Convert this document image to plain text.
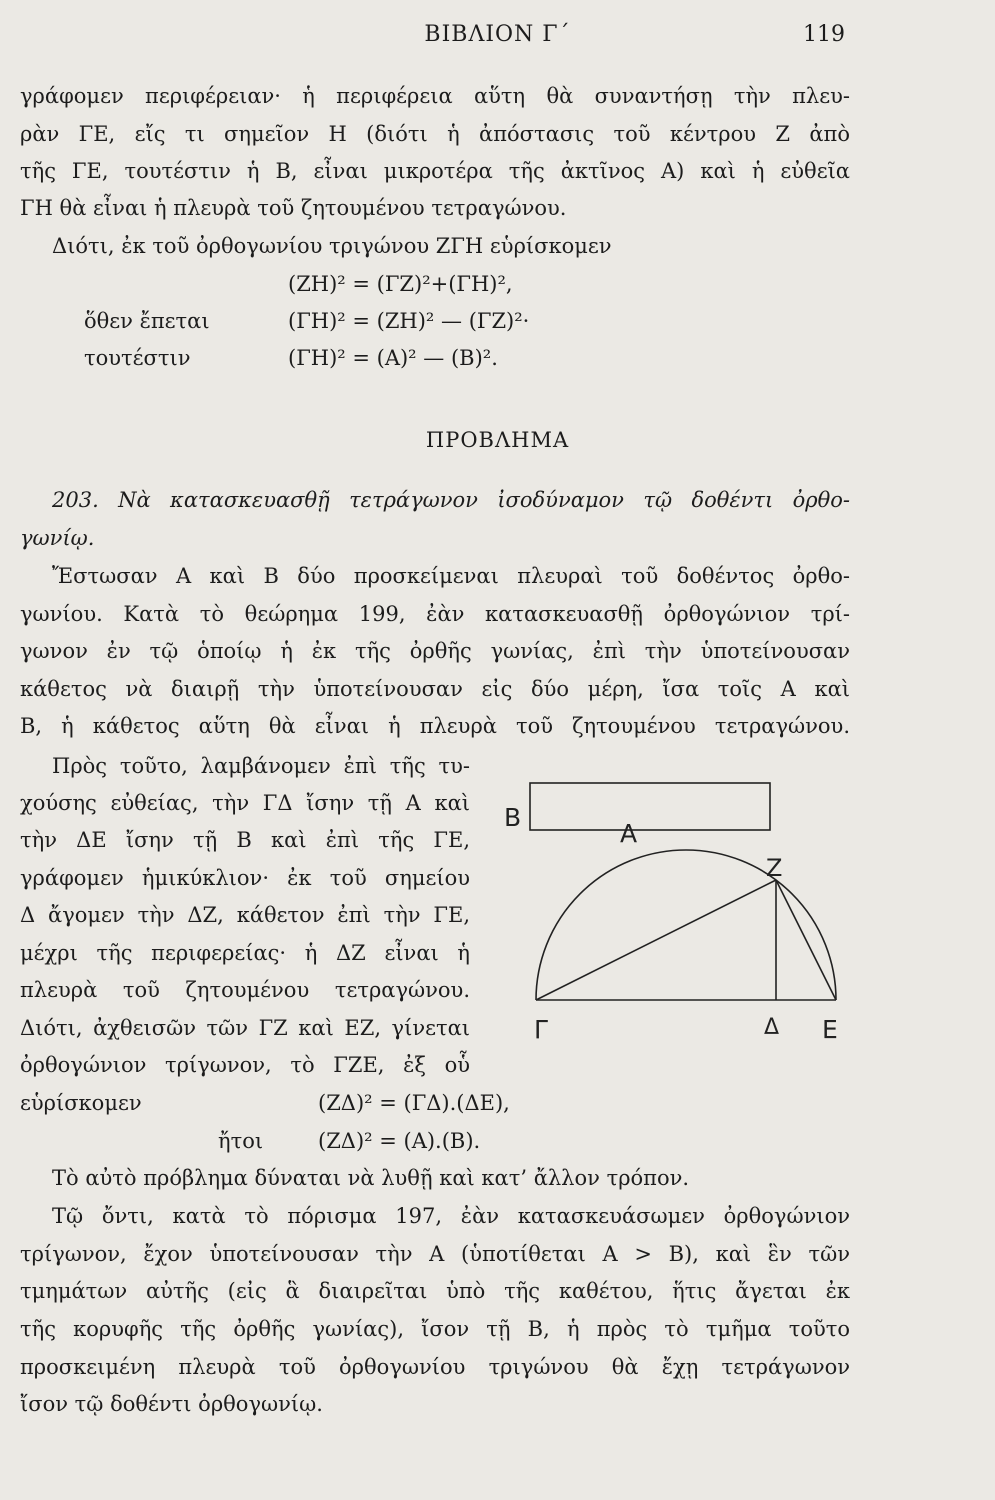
ΒΙΒΛΙΟΝ Γ΄	119
γράφομεν περιφέρειαν· ἡ περιφέρεια αὕτη θὰ συναντήσῃ τὴν πλευ-
ρὰν ΓΕ, εἴς τι σημεῖον Η (διότι ἡ ἀπόστασις τοῦ κέντρου Ζ ἀπὸ
τῆς ΓΕ, τουτέστιν ἡ Β, εἶναι μικροτέρα τῆς ἀκτῖνος Α) καὶ ἡ εὐθεῖα
ΓΗ θὰ εἶναι ἡ πλευρὰ τοῦ ζητουμένου τετραγώνου.
Διότι, ἐκ τοῦ ὀρθογωνίου τριγώνου ΖΓΗ εὑρίσκομεν
(ΖΗ)² = (ΓΖ)²+(ΓΗ)²,
ὅθεν ἔπεται	(ΓΗ)² = (ΖΗ)² — (ΓΖ)²·
τουτέστιν	(ΓΗ)² = (Α)² — (Β)².
ΠΡΟΒΛΗΜΑ
203. Νὰ κατασκευασθῇ τετράγωνον ἰσοδύναμον τῷ δοθέντι ὀρθο-
γωνίῳ.
Ἔστωσαν Α καὶ Β δύο προσκείμεναι πλευραὶ τοῦ δοθέντος ὀρθο-
γωνίου. Κατὰ τὸ θεώρημα 199, ἐὰν κατασκευασθῇ ὀρθογώνιον τρί-
γωνον ἐν τῷ ὁποίῳ ἡ ἐκ τῆς ὀρθῆς γωνίας, ἐπὶ τὴν ὑποτείνουσαν
κάθετος νὰ διαιρῇ τὴν ὑποτείνουσαν εἰς δύο μέρη, ἴσα τοῖς Α καὶ
Β, ἡ κάθετος αὕτη θὰ εἶναι ἡ πλευρὰ τοῦ ζητουμένου τετραγώνου.
Πρὸς τοῦτο, λαμβάνομεν ἐπὶ τῆς τυ-
χούσης εὐθείας, τὴν ΓΔ ἴσην τῇ Α καὶ
τὴν ΔΕ ἴσην τῇ Β καὶ ἐπὶ τῆς ΓΕ,
γράφομεν ἡμικύκλιον· ἐκ τοῦ σημείου
Δ ἄγομεν τὴν ΔΖ, κάθετον ἐπὶ τὴν ΓΕ,
μέχρι τῆς περιφερείας· ἡ ΔΖ εἶναι ἡ
πλευρὰ τοῦ ζητουμένου τετραγώνου.
Διότι, ἀχθεισῶν τῶν ΓΖ καὶ ΕΖ, γίνεται
ὀρθογώνιον τρίγωνον, τὸ ΓΖΕ, ἐξ οὗ
εὑρίσκομεν	(ΖΔ)² = (ΓΔ).(ΔΕ),
ἤτοι	(ΖΔ)² = (Α).(Β).
Τὸ αὐτὸ πρόβλημα δύναται νὰ λυθῇ καὶ κατ’ ἄλλον τρόπον.
Τῷ ὄντι, κατὰ τὸ πόρισμα 197, ἐὰν κατασκευάσωμεν ὀρθογώνιον
τρίγωνον, ἔχον ὑποτείνουσαν τὴν Α (ὑποτίθεται Α > Β), καὶ ἓν τῶν
τμημάτων αὐτῆς (εἰς ἃ διαιρεῖται ὑπὸ τῆς καθέτου, ἥτις ἄγεται ἐκ
τῆς κορυφῆς τῆς ὀρθῆς γωνίας), ἴσον τῇ Β, ἡ πρὸς τὸ τμῆμα τοῦτο
προσκειμένη πλευρὰ τοῦ ὀρθογωνίου τριγώνου θὰ ἔχῃ τετράγωνον
ἴσον τῷ δοθέντι ὀρθογωνίῳ.
Β
Α
Ζ
Γ	Δ Ε
